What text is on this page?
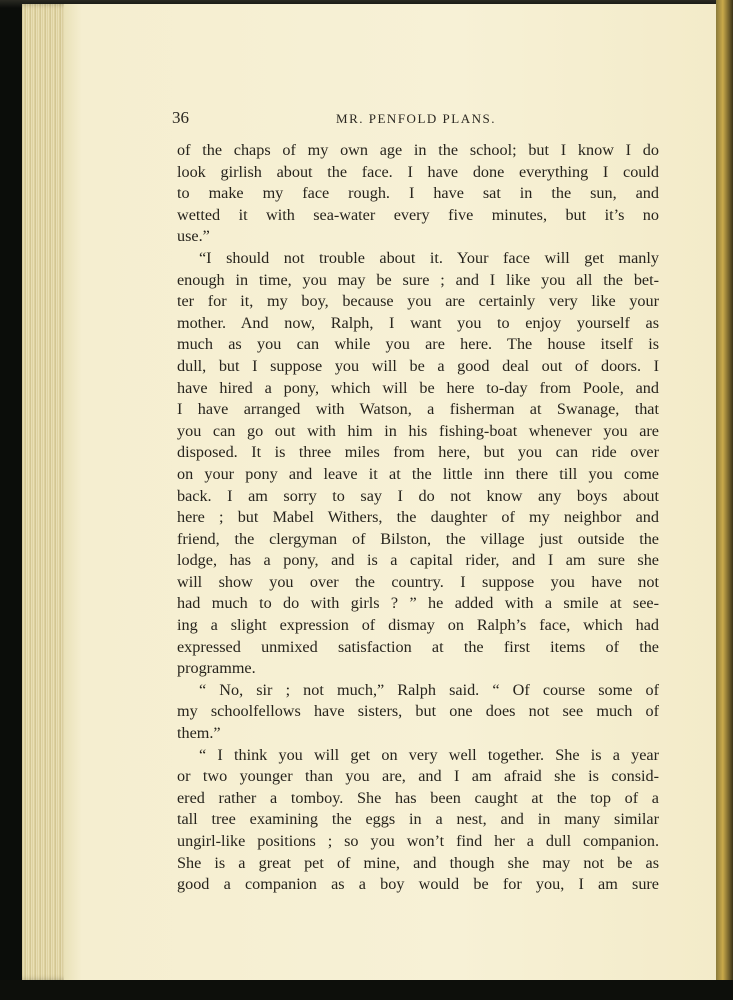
36	MR. PENFOLD PLANS.

of the chaps of my own age in the school; but I know I do
look girlish about the face. I have done everything I could
to make my face rough. I have sat in the sun, and
wetted it with sea-water every five minutes, but it’s no
use.”

“I should not trouble about it. Your face will get manly
enough in time, you may be sure ; and I like you all the bet-
ter for it, my boy, because you are certainly very like your
mother. And now, Ralph, I want you to enjoy yourself as
much as you can while you are here. The house itself is
dull, but I suppose you will be a good deal out of doors. I
have hired a pony, which will be here to-day from Poole, and
I have arranged with Watson, a fisherman at Swanage, that
you can go out with him in his fishing-boat whenever you are
disposed. It is three miles from here, but you can ride over
on your pony and leave it at the little inn there till you come
back. I am sorry to say I do not know any boys about
here ; but Mabel Withers, the daughter of my neighbor and
friend, the clergyman of Bilston, the village just outside the
lodge, has a pony, and is a capital rider, and I am sure she
will show you over the country. I suppose you have not
had much to do with girls ? ” he added with a smile at see-
ing a slight expression of dismay on Ralph’s face, which had
expressed unmixed satisfaction at the first items of the
programme.

“ No, sir ; not much,” Ralph said. “ Of course some of
my schoolfellows have sisters, but one does not see much of
them.”

“ I think you will get on very well together. She is a year
or two younger than you are, and I am afraid she is consid-
ered rather a tomboy. She has been caught at the top of a
tall tree examining the eggs in a nest, and in many similar
ungirl-like positions ; so you won’t find her a dull companion.
She is a great pet of mine, and though she may not be as
good a companion as a boy would be for you, I am sure
